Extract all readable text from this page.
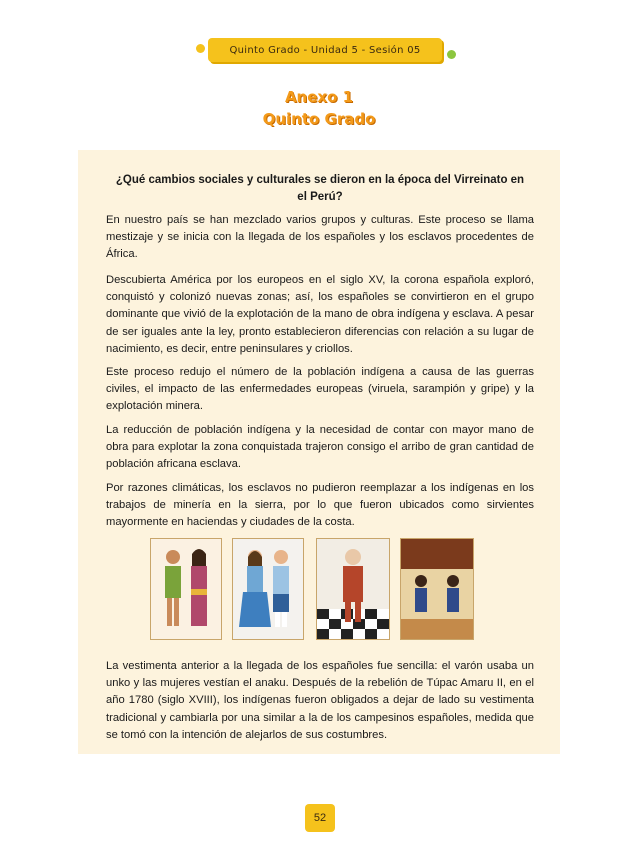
Quinto Grado - Unidad 5 - Sesión 05
Anexo 1
Quinto Grado
¿Qué cambios sociales y culturales se dieron en la época del Virreinato en el Perú?
En nuestro país se han mezclado varios grupos y culturas. Este proceso se llama mestizaje y se inicia con la llegada de los españoles y los esclavos procedentes de África.
Descubierta América por los europeos en el siglo XV, la corona española exploró, conquistó y colonizó nuevas zonas; así, los españoles se convirtieron en el grupo dominante que vivió de la explotación de la mano de obra indígena y esclava. A pesar de ser iguales ante la ley, pronto establecieron diferencias con relación a su lugar de nacimiento, es decir, entre peninsulares y criollos.
Este proceso redujo el número de la población indígena a causa de las guerras civiles, el impacto de las enfermedades europeas (viruela, sarampión y gripe) y la explotación minera.
La reducción de población indígena y la necesidad de contar con mayor mano de obra para explotar la zona conquistada trajeron consigo el arribo de gran cantidad de población africana esclava.
Por razones climáticas, los esclavos no pudieron reemplazar a los indígenas en los trabajos de minería en la sierra, por lo que fueron ubicados como sirvientes mayormente en haciendas y ciudades de la costa.
La vestimenta anterior a la llegada de los españoles fue sencilla: el varón usaba un unko y las mujeres vestían el anaku. Después de la rebelión de Túpac Amaru II, en el año 1780 (siglo XVIII), los indígenas fueron obligados a dejar de lado su vestimenta tradicional y cambiarla por una similar a la de los campesinos españoles, medida que se tomó con la intención de alejarlos de sus costumbres.
52
